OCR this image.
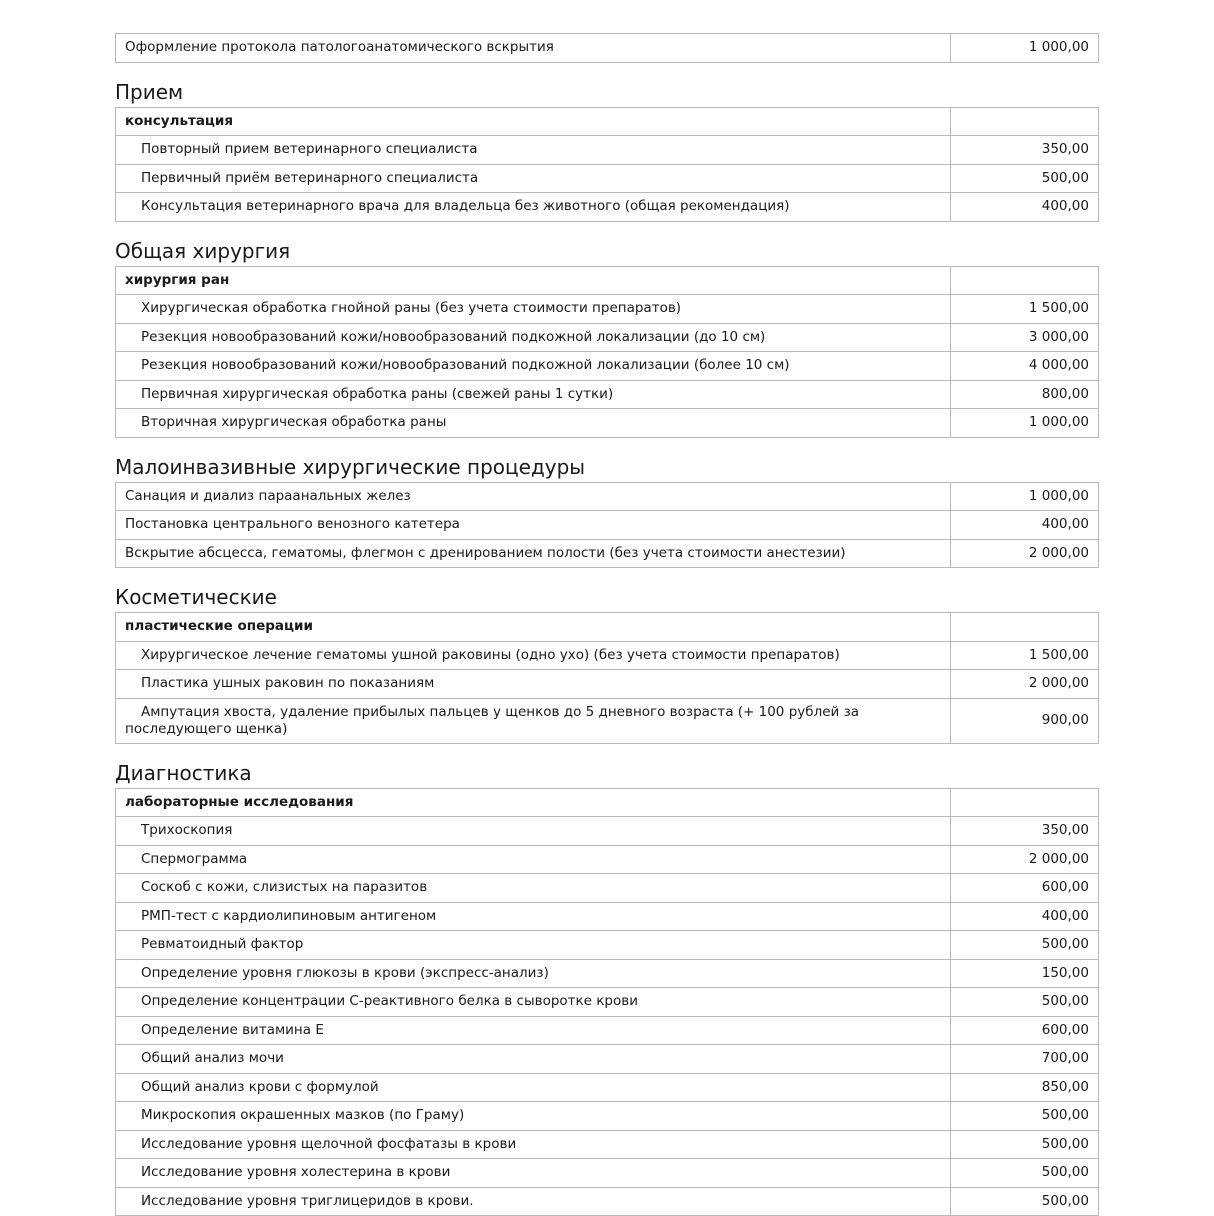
Оформление протокола патологоанатомического вскрытия	1 000,00
Прием
консультация	
Повторный прием ветеринарного специалиста	350,00
Первичный приём ветеринарного специалиста	500,00
Консультация ветеринарного врача для владельца без животного (общая рекомендация)	400,00
Общая хирургия
хирургия ран	
Хирургическая обработка гнойной раны (без учета стоимости препаратов)	1 500,00
Резекция новообразований кожи/новообразований подкожной локализации (до 10 см)	3 000,00
Резекция новообразований кожи/новообразований подкожной локализации (более 10 см)	4 000,00
Первичная хирургическая обработка раны (свежей раны 1 сутки)	800,00
Вторичная хирургическая обработка раны	1 000,00
Малоинвазивные хирургические процедуры
Санация и диализ параанальных желез	1 000,00
Постановка центрального венозного катетера	400,00
Вскрытие абсцесса, гематомы, флегмон с дренированием полости (без учета стоимости анестезии)	2 000,00
Косметические
пластические операции	
Хирургическое лечение гематомы ушной раковины (одно ухо) (без учета стоимости препаратов)	1 500,00
Пластика ушных раковин по показаниям	2 000,00
Ампутация хвоста, удаление прибылых пальцев у щенков до 5 дневного возраста (+ 100 рублей за последующего щенка)	900,00
Диагностика
лабораторные исследования	
Трихоскопия	350,00
Спермограмма	2 000,00
Соскоб с кожи, слизистых на паразитов	600,00
РМП-тест с кардиолипиновым антигеном	400,00
Ревматоидный фактор	500,00
Определение уровня глюкозы в крови (экспресс-анализ)	150,00
Определение концентрации С-реактивного белка в сыворотке крови	500,00
Определение витамина Е	600,00
Общий анализ мочи	700,00
Общий анализ крови с формулой	850,00
Микроскопия окрашенных мазков (по Граму)	500,00
Исследование уровня щелочной фосфатазы в крови	500,00
Исследование уровня холестерина в крови	500,00
Исследование уровня триглицеридов в крови.	500,00
